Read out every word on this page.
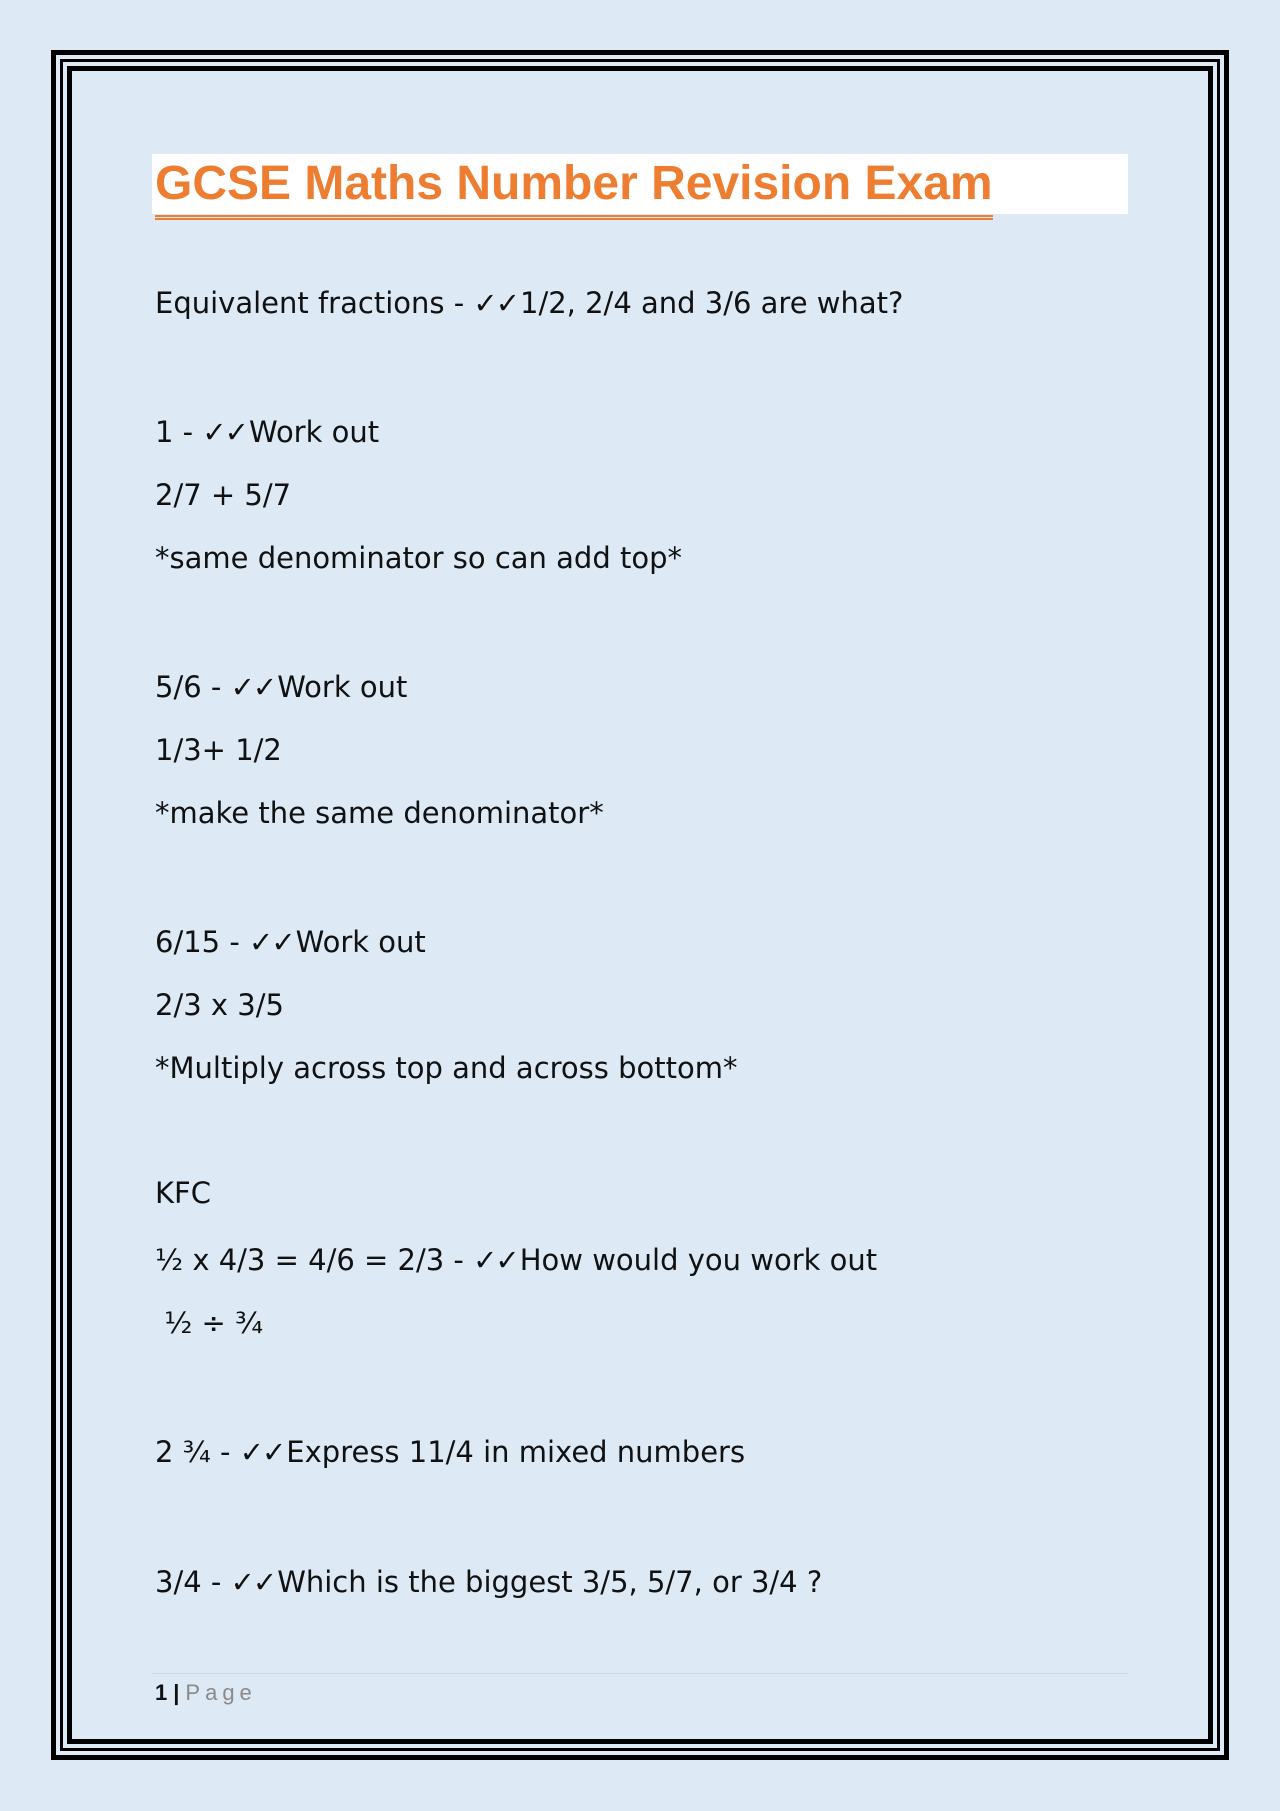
GCSE Maths Number Revision Exam

Equivalent fractions - ✓✓1/2, 2/4 and 3/6 are what?

1 - ✓✓Work out

2/7 + 5/7

*same denominator so can add top*

5/6 - ✓✓Work out

1/3+ 1/2

*make the same denominator*

6/15 - ✓✓Work out

2/3 x 3/5

*Multiply across top and across bottom*

KFC

½ x 4/3 = 4/6 = 2/3 - ✓✓How would you work out

½ ÷ ¾

2 ¾ - ✓✓Express 11/4 in mixed numbers

3/4 - ✓✓Which is the biggest 3/5, 5/7, or 3/4 ?

1 | Page
